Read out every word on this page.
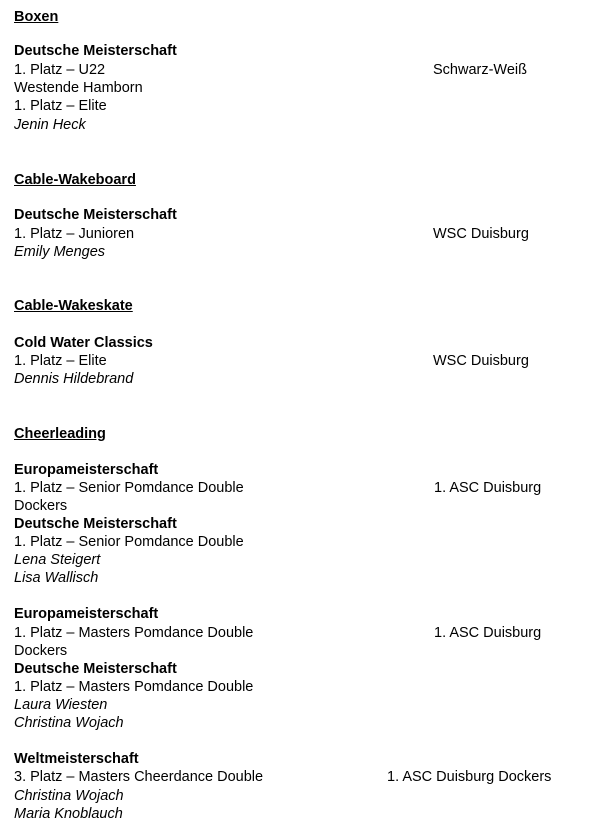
Boxen
Deutsche Meisterschaft
1. Platz – U22	Schwarz-Weiß
Westende Hamborn
1. Platz – Elite
Jenin Heck
Cable-Wakeboard
Deutsche Meisterschaft
1. Platz – Junioren	WSC Duisburg
Emily Menges
Cable-Wakeskate
Cold Water Classics
1. Platz – Elite	WSC Duisburg
Dennis Hildebrand
Cheerleading
Europameisterschaft
1. Platz – Senior Pomdance Double	1. ASC Duisburg
Dockers
Deutsche Meisterschaft
1. Platz – Senior Pomdance Double
Lena Steigert
Lisa Wallisch
Europameisterschaft
1. Platz – Masters Pomdance Double	1. ASC Duisburg
Dockers
Deutsche Meisterschaft
1. Platz – Masters Pomdance Double
Laura Wiesten
Christina Wojach
Weltmeisterschaft
3. Platz – Masters Cheerdance Double	1. ASC Duisburg Dockers
Christina Wojach
Maria Knoblauch
